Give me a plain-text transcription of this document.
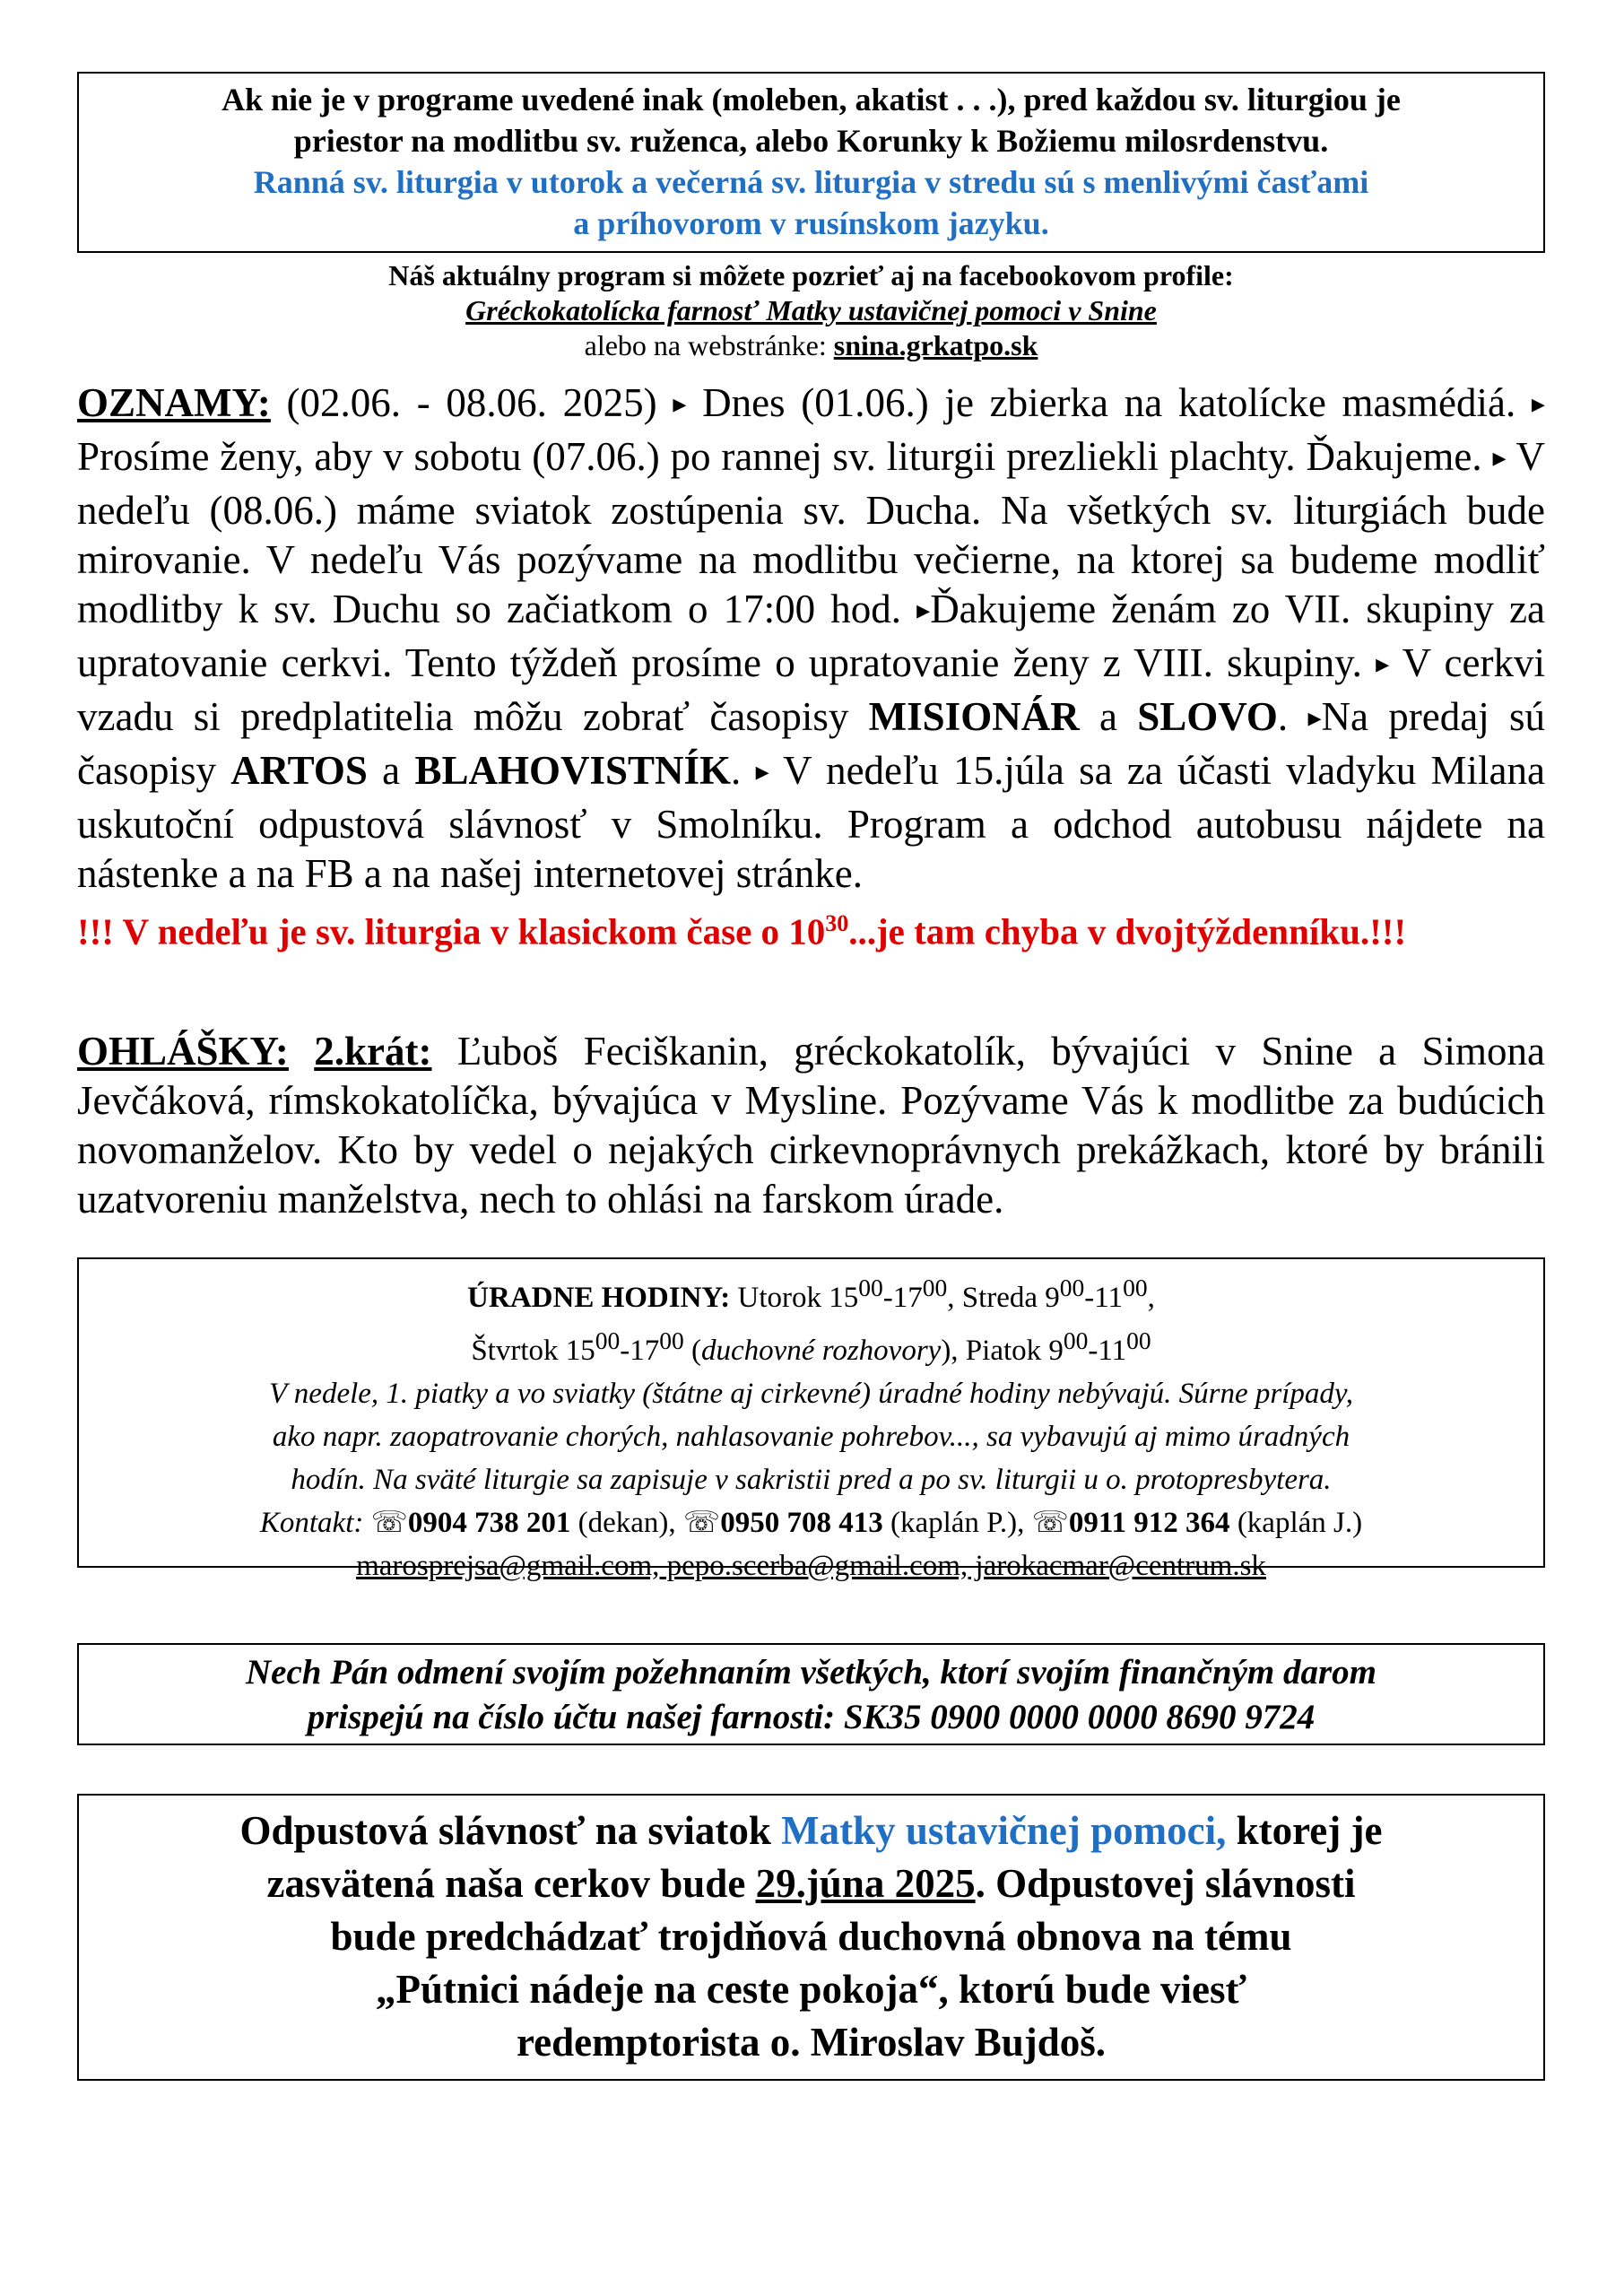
Ak nie je v programe uvedené inak (moleben, akatist . . .), pred každou sv. liturgiou je

priestor na modlitbu sv. ruženca, alebo Korunky k Božiemu milosrdenstvu.

Ranná sv. liturgia v utorok a večerná sv. liturgia v stredu sú s menlivými časťami

a príhovorom v rusínskom jazyku.

Náš aktuálny program si môžete pozrieť aj na facebookovom profile:
Gréckokatolícka farnosť Matky ustavičnej pomoci v Snine
alebo na webstránke: snina.grkatpo.sk

OZNAMY: (02.06. - 08.06. 2025) ▸ Dnes (01.06.) je zbierka na katolícke masmédiá. ▸ Prosíme ženy, aby v sobotu (07.06.) po rannej sv. liturgii prezliekli plachty. Ďakujeme. ▸ V nedeľu (08.06.) máme sviatok zostúpenia sv. Ducha. Na všetkých sv. liturgiách bude mirovanie. V nedeľu Vás pozývame na modlitbu večierne, na ktorej sa budeme modliť modlitby k sv. Duchu so začiatkom o 17:00 hod. ▸Ďakujeme ženám zo VII. skupiny za upratovanie cerkvi. Tento týždeň prosíme o upratovanie ženy z VIII. skupiny. ▸ V cerkvi vzadu si predplatitelia môžu zobrať časopisy MISIONÁR a SLOVO. ▸Na predaj sú časopisy ARTOS a BLAHOVISTNÍK. ▸ V nedeľu 15.júla sa za účasti vladyku Milana uskutoční odpustová slávnosť v Smolníku. Program a odchod autobusu nájdete na nástenke a na FB a na našej internetovej stránke.

!!! V nedeľu je sv. liturgia v klasickom čase o $10^{30}...je$ tam chyba v dvojtýždenníku.!!!

OHLÁŠKY: 2.krát: Ľuboš Feciškanin, gréckokatolík, bývajúci v Snine a Simona Jevčáková, rímskokatolíčka, bývajúca v Mysline. Pozývame Vás k modlitbe za budúcich novomanželov. Kto by vedel o nejakých cirkevnoprávnych prekážkach, ktoré by bránili uzatvoreniu manželstva, nech to ohlási na farskom úrade.

ÚRADNE HODINY: Utorok $15^{00}-17^{00}$, Streda $9^{00}-11^{00}$,
Štvrtok $15^{00}-17^{00}$ (duchovné rozhovory), Piatok $9^{00}-11^{00}$
V nedele, 1. piatky a vo sviatky (štátne aj cirkevné) úradné hodiny nebývajú. Súrne prípady,
ako napr. zaopatrovanie chorých, nahlasovanie pohrebov..., sa vybavujú aj mimo úradných
hodín. Na sväté liturgie sa zapisuje v sakristii pred a po sv. liturgii u o. protopresbytera.
Kontakt: ☏0904 738 201 (dekan), ☏0950 708 413 (kaplán P.), ☏0911 912 364 (kaplán J.)
marosprejsa@gmail.com, pepo.scerba@gmail.com, jarokacmar@centrum.sk
Nech Pán odmení svojím požehnaním všetkých, ktorí svojím finančným darom
prispejú na číslo účtu našej farnosti: SK35 0900 0000 0000 8690 9724
Odpustová slávnosť na sviatok Matky ustavičnej pomoci, ktorej je
zasvätená naša cerkov bude 29.júna 2025. Odpustovej slávnosti
bude predchádzať trojdňová duchovná obnova na tému
„Pútnici nádeje na ceste pokoja“, ktorú bude viesť
redemptorista o. Miroslav Bujdoš.
